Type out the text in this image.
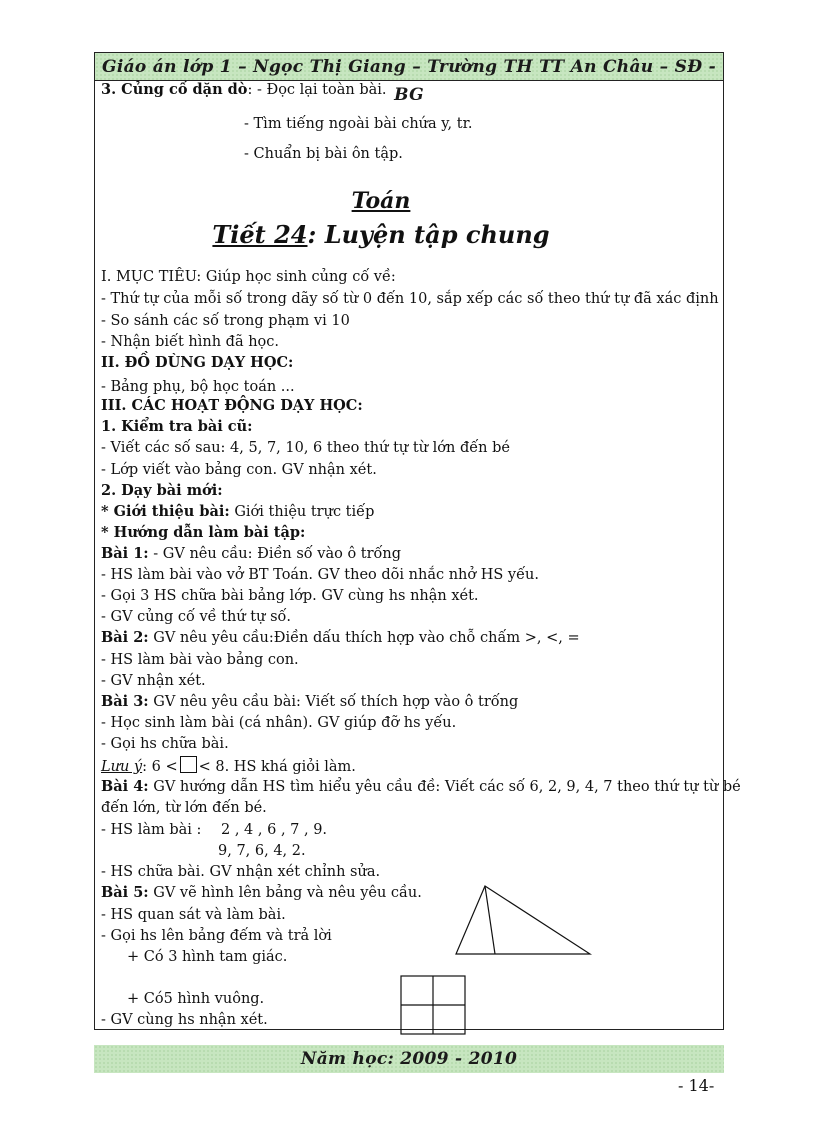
Giáo án lớp 1 – Ngọc Thị Giang – Trường TH TT An Châu – SĐ - BG
3. Củng cố dặn dò: - Đọc lại toàn bài.
- Tìm tiếng ngoài bài chứa y, tr.
- Chuẩn bị bài ôn tập.
Toán
Tiết 24: Luyện tập chung
I. MỤC TIÊU: Giúp học sinh củng cố về:
- Thứ tự của mỗi số trong dãy số từ 0 đến 10, sắp xếp các số theo thứ tự đã xác định
- So sánh các số trong phạm vi 10
- Nhận biết hình đã học.
II. ĐỒ DÙNG DẠY HỌC:
- Bảng phụ, bộ học toán ...
III. CÁC HOẠT ĐỘNG DẠY HỌC:
1. Kiểm tra bài cũ:
- Viết các số sau: 4, 5, 7, 10, 6 theo thứ tự từ lớn đến bé
- Lớp viết vào bảng con. GV nhận xét.
2. Dạy bài mới:
* Giới thiệu bài: Giới thiệu trực tiếp
* Hướng dẫn làm bài tập:
Bài 1: - GV nêu cầu: Điền số vào ô trống
- HS làm bài vào vở BT Toán. GV theo dõi nhắc nhở HS yếu.
- Gọi 3 HS chữa bài bảng lớp. GV cùng hs nhận xét.
- GV củng cố về thứ tự số.
Bài 2: GV nêu yêu cầu:Điền dấu thích hợp vào chỗ chấm >, <, =
- HS làm bài vào bảng con.
- GV nhận xét.
Bài 3: GV nêu yêu cầu bài: Viết số thích hợp vào ô trống
- Học sinh làm bài (cá nhân). GV giúp đỡ hs yếu.
- Gọi hs chữa bài.
Lưu ý: 6 < < 8. HS khá giỏi làm.
Bài 4: GV hướng dẫn HS tìm hiểu yêu cầu đề: Viết các số 6, 2, 9, 4, 7 theo thứ tự từ bé
đến lớn, từ lớn đến bé.
- HS làm bài : 2 , 4 , 6 , 7 , 9.
9, 7, 6, 4, 2.
- HS chữa bài. GV nhận xét chỉnh sửa.
Bài 5: GV vẽ hình lên bảng và nêu yêu cầu.
- HS quan sát và làm bài.
- Gọi hs lên bảng đếm và trả lời
+ Có 3 hình tam giác.
+ Có5 hình vuông.
- GV cùng hs nhận xét.
Năm học: 2009 - 2010
- 14-
